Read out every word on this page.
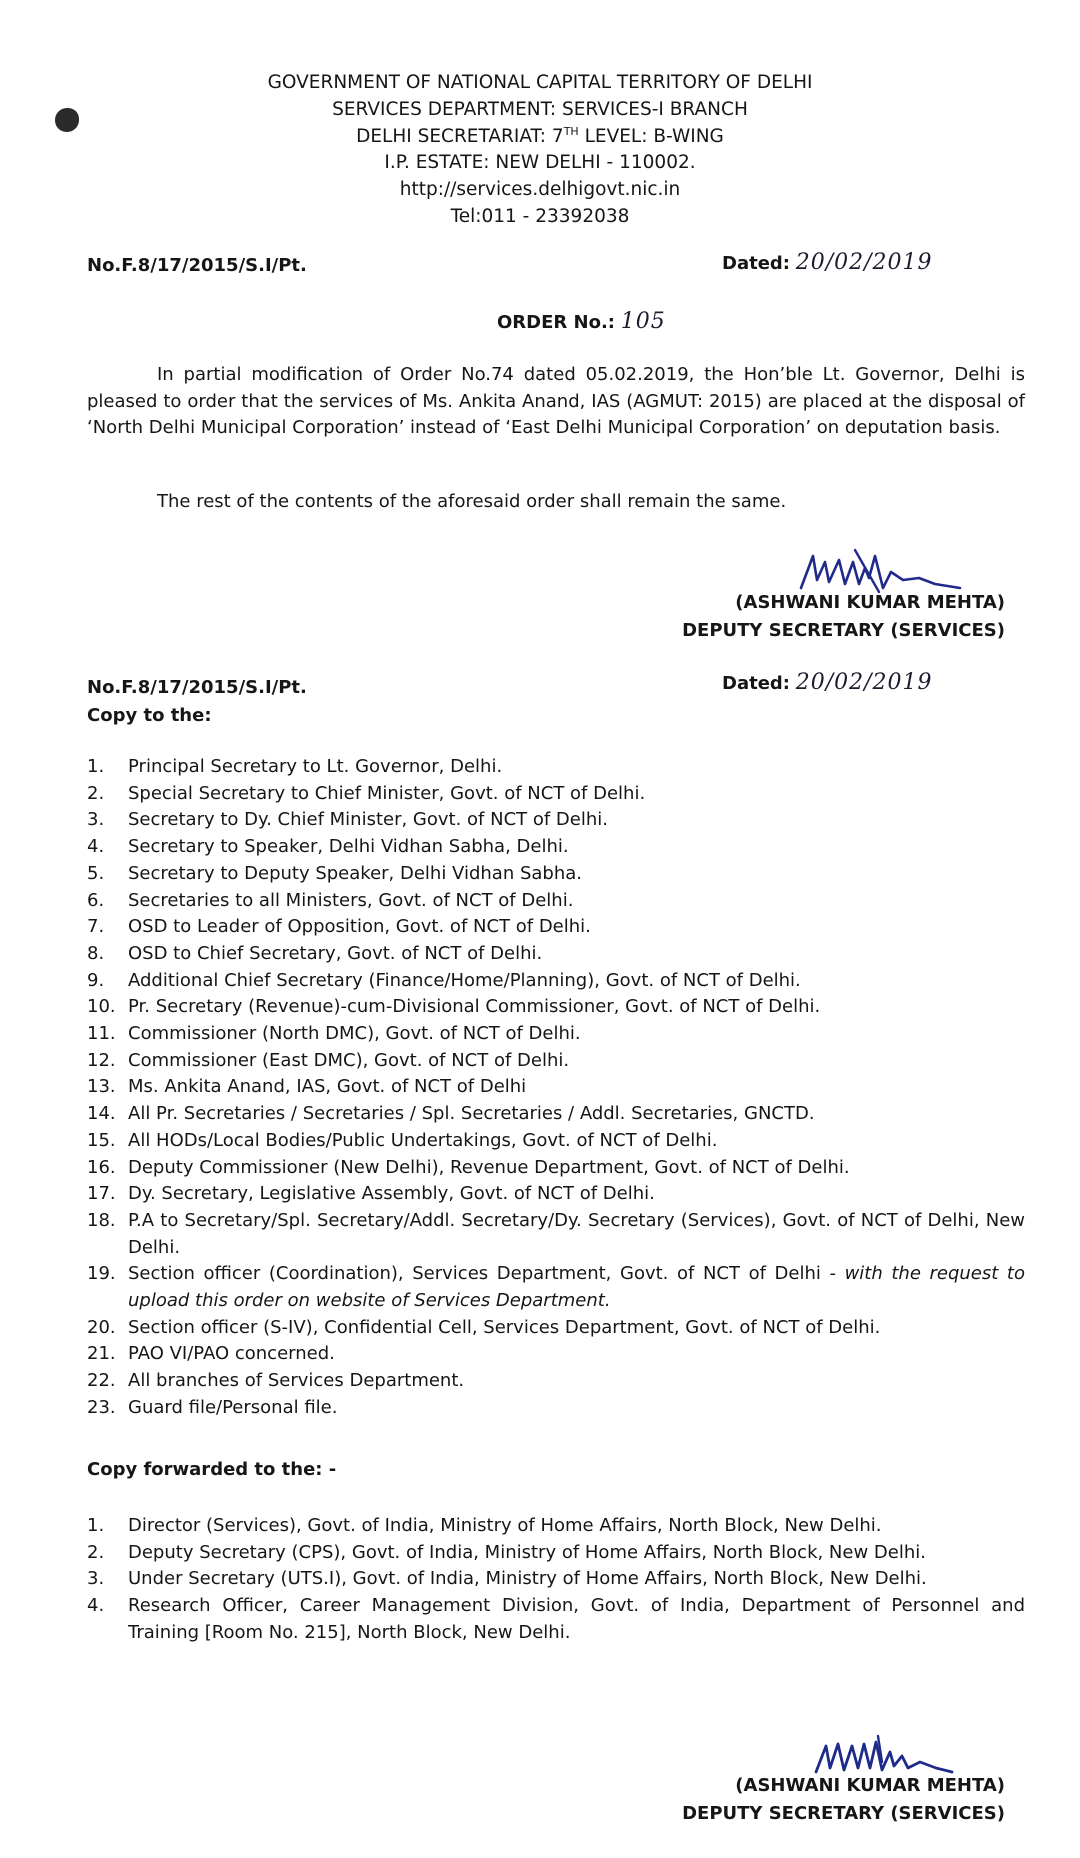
GOVERNMENT OF NATIONAL CAPITAL TERRITORY OF DELHI
SERVICES DEPARTMENT: SERVICES-I BRANCH
DELHI SECRETARIAT: 7TH LEVEL: B-WING
I.P. ESTATE: NEW DELHI - 110002.
http://services.delhigovt.nic.in
Tel:011 - 23392038
No.F.8/17/2015/S.I/Pt.	Dated: 20/02/2019
ORDER No.: 105
In partial modification of Order No.74 dated 05.02.2019, the Hon’ble Lt. Governor, Delhi is pleased to order that the services of Ms. Ankita Anand, IAS (AGMUT: 2015) are placed at the disposal of ‘North Delhi Municipal Corporation’ instead of ‘East Delhi Municipal Corporation’ on deputation basis.
The rest of the contents of the aforesaid order shall remain the same.
(ASHWANI KUMAR MEHTA)
DEPUTY SECRETARY (SERVICES)
No.F.8/17/2015/S.I/Pt.	Dated: 20/02/2019
Copy to the:
1. Principal Secretary to Lt. Governor, Delhi.
2. Special Secretary to Chief Minister, Govt. of NCT of Delhi.
3. Secretary to Dy. Chief Minister, Govt. of NCT of Delhi.
4. Secretary to Speaker, Delhi Vidhan Sabha, Delhi.
5. Secretary to Deputy Speaker, Delhi Vidhan Sabha.
6. Secretaries to all Ministers, Govt. of NCT of Delhi.
7. OSD to Leader of Opposition, Govt. of NCT of Delhi.
8. OSD to Chief Secretary, Govt. of NCT of Delhi.
9. Additional Chief Secretary (Finance/Home/Planning), Govt. of NCT of Delhi.
10. Pr. Secretary (Revenue)-cum-Divisional Commissioner, Govt. of NCT of Delhi.
11. Commissioner (North DMC), Govt. of NCT of Delhi.
12. Commissioner (East DMC), Govt. of NCT of Delhi.
13. Ms. Ankita Anand, IAS, Govt. of NCT of Delhi
14. All Pr. Secretaries / Secretaries / Spl. Secretaries / Addl. Secretaries, GNCTD.
15. All HODs/Local Bodies/Public Undertakings, Govt. of NCT of Delhi.
16. Deputy Commissioner (New Delhi), Revenue Department, Govt. of NCT of Delhi.
17. Dy. Secretary, Legislative Assembly, Govt. of NCT of Delhi.
18. P.A to Secretary/Spl. Secretary/Addl. Secretary/Dy. Secretary (Services), Govt. of NCT of Delhi, New Delhi.
19. Section officer (Coordination), Services Department, Govt. of NCT of Delhi - with the request to upload this order on website of Services Department.
20. Section officer (S-IV), Confidential Cell, Services Department, Govt. of NCT of Delhi.
21. PAO VI/PAO concerned.
22. All branches of Services Department.
23. Guard file/Personal file.
Copy forwarded to the: -
1. Director (Services), Govt. of India, Ministry of Home Affairs, North Block, New Delhi.
2. Deputy Secretary (CPS), Govt. of India, Ministry of Home Affairs, North Block, New Delhi.
3. Under Secretary (UTS.I), Govt. of India, Ministry of Home Affairs, North Block, New Delhi.
4. Research Officer, Career Management Division, Govt. of India, Department of Personnel and Training [Room No. 215], North Block, New Delhi.
(ASHWANI KUMAR MEHTA)
DEPUTY SECRETARY (SERVICES)
